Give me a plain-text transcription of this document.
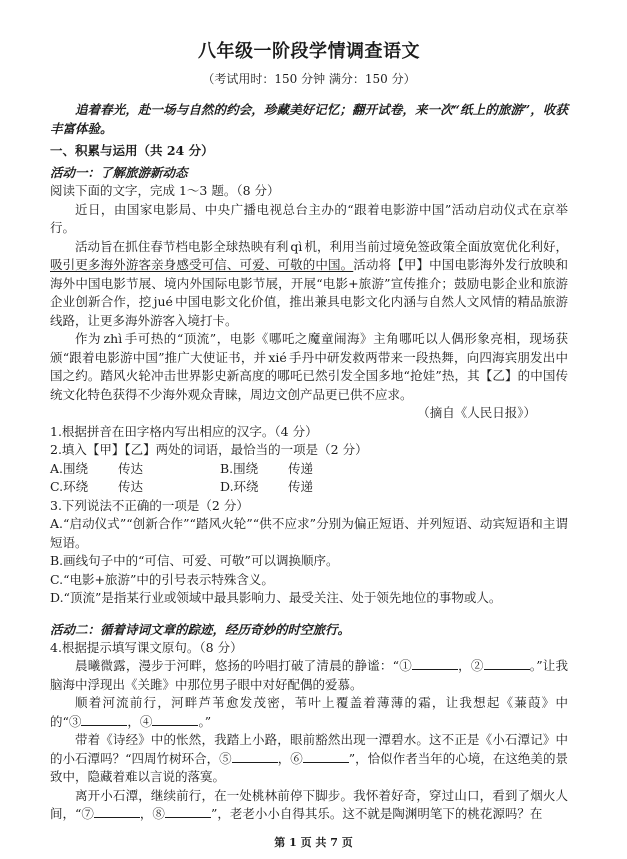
八年级一阶段学情调查语文
（考试用时：150 分钟 满分：150 分）

追着春光，赴一场与自然的约会，珍藏美好记忆；翻开试卷，来一次“纸上的旅游”，收获丰富体验。

一、积累与运用（共 24 分）
活动一：了解旅游新动态
阅读下面的文字，完成 1～3 题。（8 分）

近日，由国家电影局、中央广播电视总台主办的“跟着电影游中国”活动启动仪式在京举行。

活动旨在抓住春节档电影全球热映有利 qì 机，利用当前过境免签政策全面放宽优化利好，吸引更多海外游客亲身感受可信、可爱、可敬的中国。活动将【甲】中国电影海外发行放映和海外中国电影节展、境内外国际电影节展，开展“电影+旅游”宣传推介；鼓励电影企业和旅游企业创新合作，挖 jué 中国电影文化价值，推出兼具电影文化内涵与自然人文风情的精品旅游线路，让更多海外游客入境打卡。

作为 zhì 手可热的“顶流”，电影《哪吒之魔童闹海》主角哪吒以人偶形象亮相，现场获颁“跟着电影游中国”推广大使证书，并 xié 手丹中研发救两带来一段热舞，向四海宾朋发出中国之约。踏风火轮冲击世界影史新高度的哪吒已然引发全国多地“抢娃”热，其【乙】的中国传统文化特色获得不少海外观众青睐，周边文创产品更已供不应求。

（摘自《人民日报》）
1.根据拼音在田字格内写出相应的汉字。（4 分）
2.填入【甲】【乙】两处的词语，最恰当的一项是（2 分）
A.围绕 传达	B.围绕 传递
C.环绕 传达	D.环绕 传递
3.下列说法不正确的一项是（2 分）
A.“启动仪式”“创新合作”“踏风火轮”“供不应求”分别为偏正短语、并列短语、动宾短语和主谓短语。
B.画线句子中的“可信、可爱、可敬”可以调换顺序。
C.“电影+旅游”中的引号表示特殊含义。
D.“顶流”是指某行业或领域中最具影响力、最受关注、处于领先地位的事物或人。
活动二：循着诗词文章的踪迹，经历奇妙的时空旅行。
4.根据提示填写课文原句。（8 分）

晨曦微露，漫步于河畔，悠扬的吟唱打破了清晨的静谧：“①	，②	。”让我脑海中浮现出《关雎》中那位男子眼中对好配偶的爱慕。

顺着河流前行，河畔芦苇愈发茂密，苇叶上覆盖着薄薄的霜，让我想起《蒹葭》中的“③	，④	。”

带着《诗经》中的怅然，我踏上小路，眼前豁然出现一潭碧水。这不正是《小石潭记》中的小石潭吗？“四周竹树环合，⑤	，⑥	”，恰似作者当年的心境，在这绝美的景致中，隐藏着难以言说的落寞。

离开小石潭，继续前行，在一处桃林前停下脚步。我怀着好奇，穿过山口，看到了烟火人间，“⑦	，⑧	”，老老小小自得其乐。这不就是陶渊明笔下的桃花源吗？在

第 1 页 共 7 页
